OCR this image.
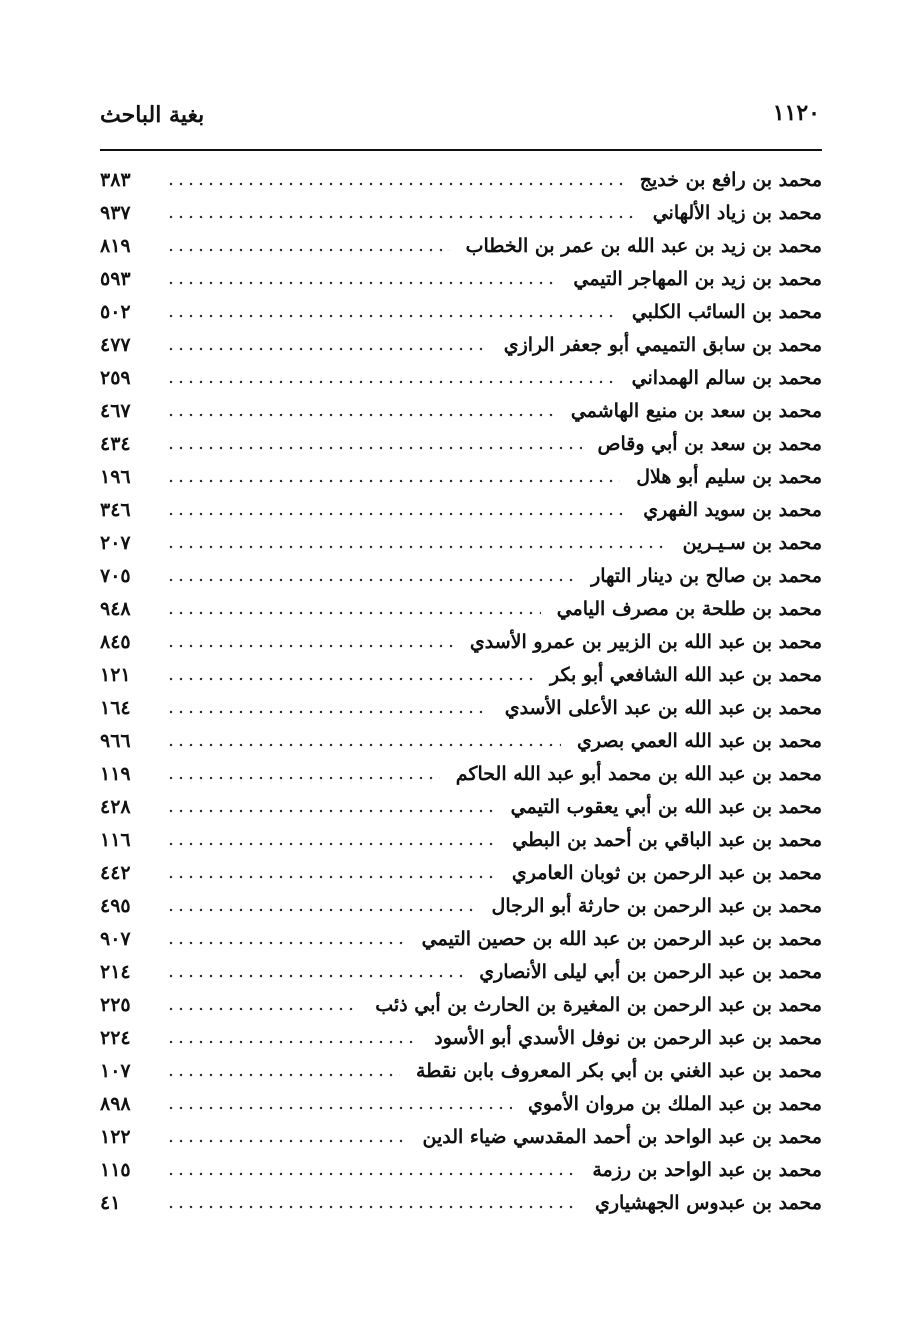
بغية الباحث	١١٢٠
محمد بن رافع بن خديج
٣٨٣
محمد بن زياد الألهاني
٩٣٧
محمد بن زيد بن عبد الله بن عمر بن الخطاب
٨١٩
محمد بن زيد بن المهاجر التيمي
٥٩٣
محمد بن السائب الكلبي
٥٠٢
محمد بن سابق التميمي أبو جعفر الرازي
٤٧٧
محمد بن سالم الهمداني
٢٥٩
محمد بن سعد بن منيع الهاشمي
٤٦٧
محمد بن سعد بن أبي وقاص
٤٣٤
محمد بن سليم أبو هلال
١٩٦
محمد بن سويد الفهري
٣٤٦
محمد بن سـيـرين
٢٠٧
محمد بن صالح بن دينار التهار
٧٠٥
محمد بن طلحة بن مصرف اليامي
٩٤٨
محمد بن عبد الله بن الزبير بن عمرو الأسدي
٨٤٥
محمد بن عبد الله الشافعي أبو بكر
١٢١
محمد بن عبد الله بن عبد الأعلى الأسدي
١٦٤
محمد بن عبد الله العمي بصري
٩٦٦
محمد بن عبد الله بن محمد أبو عبد الله الحاكم
١١٩
محمد بن عبد الله بن أبي يعقوب التيمي
٤٢٨
محمد بن عبد الباقي بن أحمد بن البطي
١١٦
محمد بن عبد الرحمن بن ثوبان العامري
٤٤٢
محمد بن عبد الرحمن بن حارثة أبو الرجال
٤٩٥
محمد بن عبد الرحمن بن عبد الله بن حصين التيمي
٩٠٧
محمد بن عبد الرحمن بن أبي ليلى الأنصاري
٢١٤
محمد بن عبد الرحمن بن المغيرة بن الحارث بن أبي ذئب
٢٢٥
محمد بن عبد الرحمن بن نوفل الأسدي أبو الأسود
٢٢٤
محمد بن عبد الغني بن أبي بكر المعروف بابن نقطة
١٠٧
محمد بن عبد الملك بن مروان الأموي
٨٩٨
محمد بن عبد الواحد بن أحمد المقدسي ضياء الدين
١٢٢
محمد بن عبد الواحد بن رزمة
١١٥
محمد بن عبدوس الجهشياري
٤١
